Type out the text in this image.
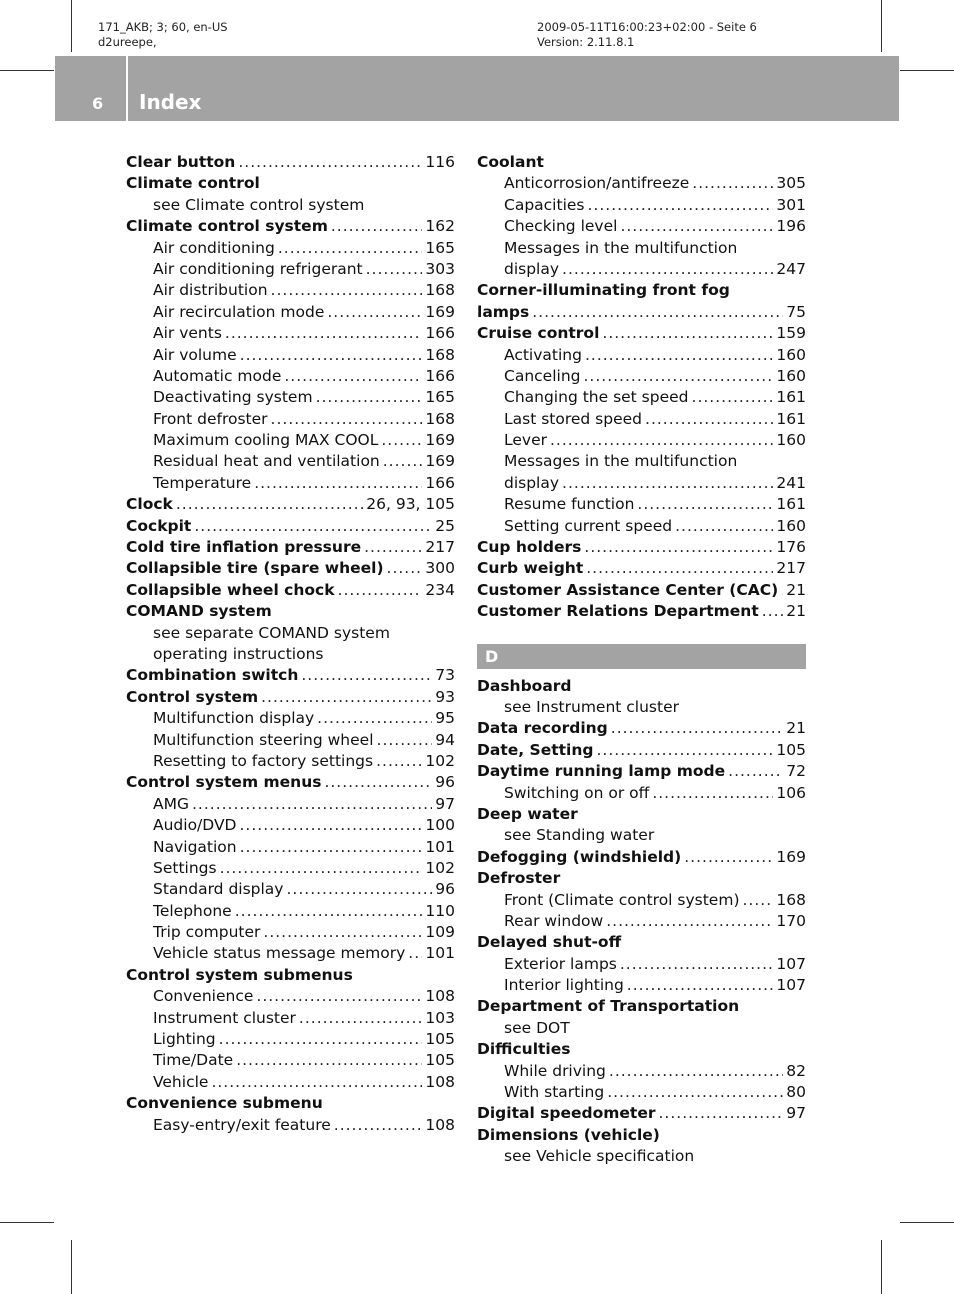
171_AKB; 3; 60, en-US
d2ureepe,
2009-05-11T16:00:23+02:00 - Seite 6
Version: 2.11.8.1
6 Index
Clear button .....	116
Climate control
see Climate control system
Climate control system .....	162
Air conditioning .....	165
Air conditioning refrigerant .....	303
Air distribution .....	168
Air recirculation mode .....	169
Air vents .....	166
Air volume .....	168
Automatic mode .....	166
Deactivating system .....	165
Front defroster .....	168
Maximum cooling MAX COOL .....	169
Residual heat and ventilation .....	169
Temperature .....	166
Clock .....	26, 93, 105
Cockpit .....	25
Cold tire inflation pressure .....	217
Collapsible tire (spare wheel) .....	300
Collapsible wheel chock .....	234
COMAND system
see separate COMAND system
operating instructions
Combination switch .....	73
Control system .....	93
Multifunction display .....	95
Multifunction steering wheel .....	94
Resetting to factory settings .....	102
Control system menus .....	96
AMG .....	97
Audio/DVD .....	100
Navigation .....	101
Settings .....	102
Standard display .....	96
Telephone .....	110
Trip computer .....	109
Vehicle status message memory ..... 101
Control system submenus
Convenience .....	108
Instrument cluster .....	103
Lighting .....	105
Time/Date .....	105
Vehicle .....	108
Convenience submenu
Easy-entry/exit feature .....	108
Coolant
Anticorrosion/antifreeze .....	305
Capacities .....	301
Checking level .....	196
Messages in the multifunction
display .....	247
Corner-illuminating front fog
lamps .....	75
Cruise control .....	159
Activating .....	160
Canceling .....	160
Changing the set speed .....	161
Last stored speed .....	161
Lever .....	160
Messages in the multifunction
display .....	241
Resume function .....	161
Setting current speed .....	160
Cup holders .....	176
Curb weight .....	217
Customer Assistance Center (CAC) ..... 21
Customer Relations Department ..... 21
D
Dashboard
see Instrument cluster
Data recording .....	21
Date, Setting .....	105
Daytime running lamp mode .....	72
Switching on or off .....	106
Deep water
see Standing water
Defogging (windshield) .....	169
Defroster
Front (Climate control system) ..... 168
Rear window .....	170
Delayed shut-off
Exterior lamps .....	107
Interior lighting .....	107
Department of Transportation
see DOT
Difficulties
While driving .....	82
With starting .....	80
Digital speedometer .....	97
Dimensions (vehicle)
see Vehicle specification
